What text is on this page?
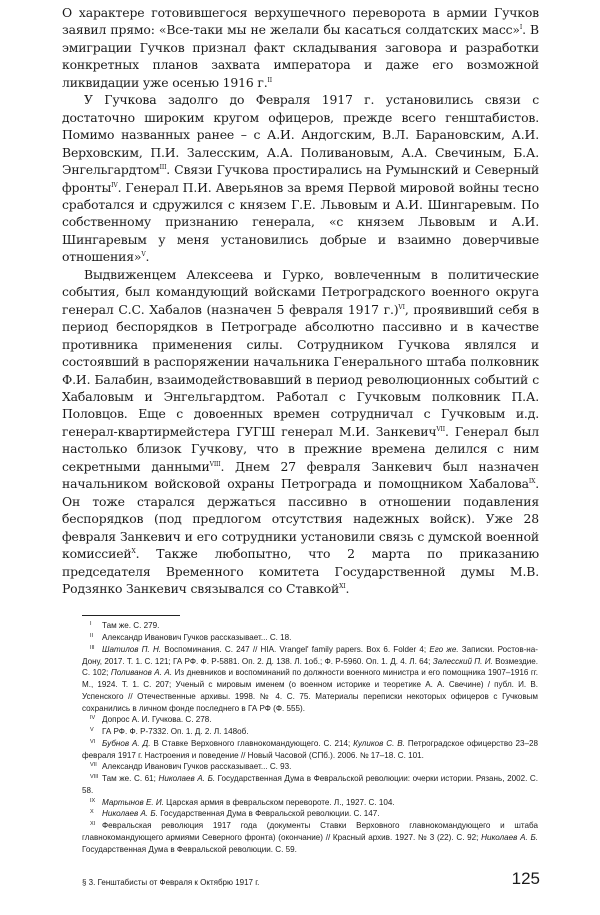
О характере готовившегося верхушечного переворота в армии Гучков заявил прямо: «Все-таки мы не желали бы касаться солдатских масс»$^I$. В эмиграции Гучков признал факт складывания заговора и разработки конкретных планов захвата императора и даже его возможной ликвидации уже осенью 1916 г.$^{II}$

У Гучкова задолго до Февраля 1917 г. установились связи с достаточно широким кругом офицеров, прежде всего генштабистов. Помимо названных ранее – с А.И. Андогским, В.Л. Барановским, А.И. Верховским, П.И. Залесским, А.А. Поливановым, А.А. Свечиным, Б.А. Энгельгардтом$^{III}$. Связи Гучкова простирались на Румынский и Северный фронты$^{IV}$. Генерал П.И. Аверьянов за время Первой мировой войны тесно сработался и сдружился с князем Г.Е. Львовым и А.И. Шингаревым. По собственному признанию генерала, «с князем Львовым и А.И. Шингаревым у меня установились добрые и взаимно доверчивые отношения»$^V$.

Выдвиженцем Алексеева и Гурко, вовлеченным в политические события, был командующий войсками Петроградского военного округа генерал С.С. Хабалов (назначен 5 февраля 1917 г.)$^{VI}$, проявивший себя в период беспорядков в Петрограде абсолютно пассивно и в качестве противника применения силы. Сотрудником Гучкова являлся и состоявший в распоряжении начальника Генерального штаба полковник Ф.И. Балабин, взаимодействовавший в период революционных событий с Хабаловым и Энгельгардтом. Работал с Гучковым полковник П.А. Половцов. Еще с довоенных времен сотрудничал с Гучковым и.д. генерал-квартирмейстера ГУГШ генерал М.И. Занкевич$^{VII}$. Генерал был настолько близок Гучкову, что в прежние времена делился с ним секретными данными$^{VIII}$. Днем 27 февраля Занкевич был назначен начальником войсковой охраны Петрограда и помощником Хабалова$^{IX}$. Он тоже старался держаться пассивно в отношении подавления беспорядков (под предлогом отсутствия надежных войск). Уже 28 февраля Занкевич и его сотрудники установили связь с думской военной комиссией$^X$. Также любопытно, что 2 марта по приказанию председателя Временного комитета Государственной думы М.В. Родзянко Занкевич связывался со Ставкой$^{XI}$.

I Там же. С. 279.
II Александр Иванович Гучков рассказывает... С. 18.
III Шатилов П. Н. Воспоминания. С. 247 // HIA. Vrangel' family papers. Box 6. Folder 4; Его же. Записки. Ростов-на-Дону, 2017. Т. 1. С. 121; ГА РФ. Ф. Р-5881. Оп. 2. Д. 138. Л. 1об.; Ф. Р-5960. Оп. 1. Д. 4. Л. 64; Залесский П. И. Возмездие. С. 102; Поливанов А. А. Из дневников и воспоминаний по должности военного министра и его помощника 1907–1916 гг. М., 1924. Т. 1. С. 207; Ученый с мировым именем (о военном историке и теоретике А. А. Свечине) / публ. И. В. Успенского // Отечественные архивы. 1998. № 4. С. 75. Материалы переписки некоторых офицеров с Гучковым сохранились в личном фонде последнего в ГА РФ (Ф. 555).
IV Допрос А. И. Гучкова. С. 278.
V ГА РФ. Ф. Р-7332. Оп. 1. Д. 2. Л. 148об.
VI Бубнов А. Д. В Ставке Верховного главнокомандующего. С. 214; Куликов С. В. Петроградское офицерство 23–28 февраля 1917 г. Настроения и поведение // Новый Часовой (СПб.). 2006. № 17–18. С. 101.
VII Александр Иванович Гучков рассказывает... С. 93.
VIII Там же. С. 61; Николаев А. Б. Государственная Дума в Февральской революции: очерки истории. Рязань, 2002. С. 58.
IX Мартынов Е. И. Царская армия в февральском перевороте. Л., 1927. С. 104.
X Николаев А. Б. Государственная Дума в Февральской революции. С. 147.
XI Февральская революция 1917 года (документы Ставки Верховного главнокомандующего и штаба главнокомандующего армиями Северного фронта) (окончание) // Красный архив. 1927. № 3 (22). С. 92; Николаев А. Б. Государственная Дума в Февральской революции. С. 59.
§ 3. Генштабисты от Февраля к Октябрю 1917 г.	125
